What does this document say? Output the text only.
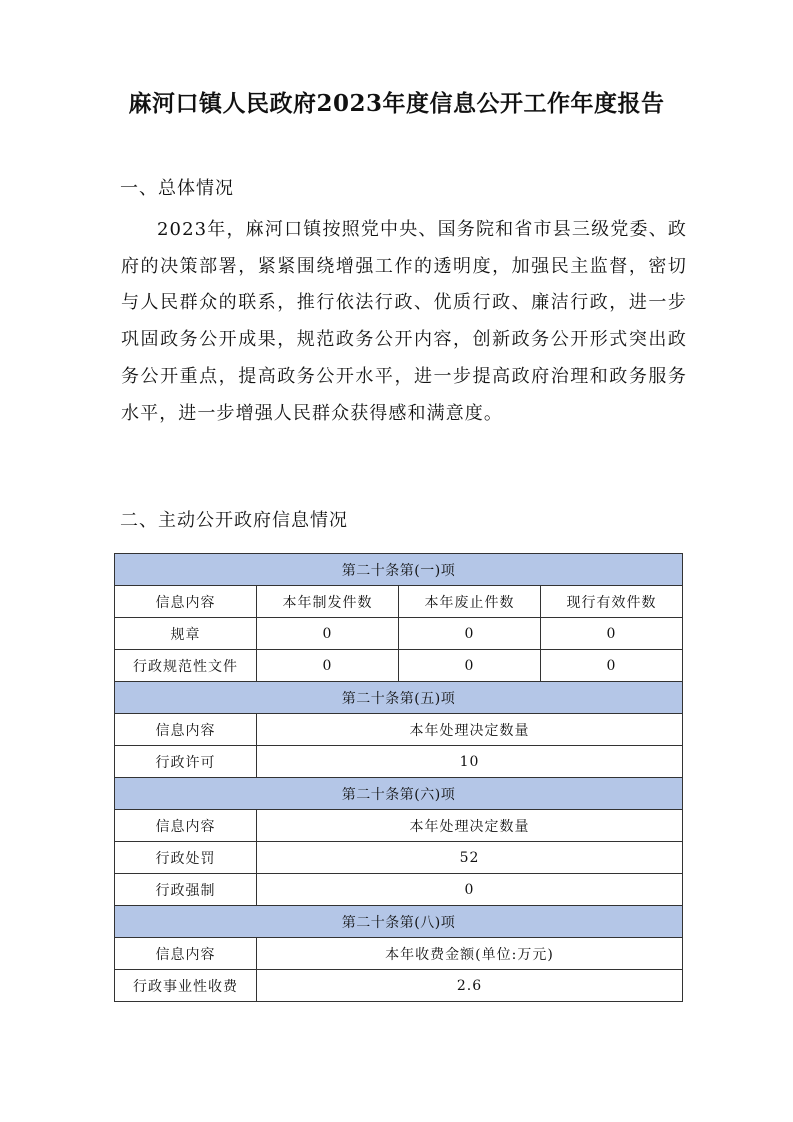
麻河口镇人民政府2023年度信息公开工作年度报告
一、总体情况
2023年，麻河口镇按照党中央、国务院和省市县三级党委、政府的决策部署，紧紧围绕增强工作的透明度，加强民主监督，密切与人民群众的联系，推行依法行政、优质行政、廉洁行政，进一步巩固政务公开成果，规范政务公开内容，创新政务公开形式突出政务公开重点，提高政务公开水平，进一步提高政府治理和政务服务水平，进一步增强人民群众获得感和满意度。
二、主动公开政府信息情况
第二十条第(一)项			
信息内容	本年制发件数	本年废止件数	现行有效件数
规章	0	0	0
行政规范性文件	0	0	0
第二十条第(五)项			
信息内容	本年处理决定数量		
行政许可	10		
第二十条第(六)项			
信息内容	本年处理决定数量		
行政处罚	52		
行政强制	0		
第二十条第(八)项			
信息内容	本年收费金额(单位:万元)		
行政事业性收费	2.6		
